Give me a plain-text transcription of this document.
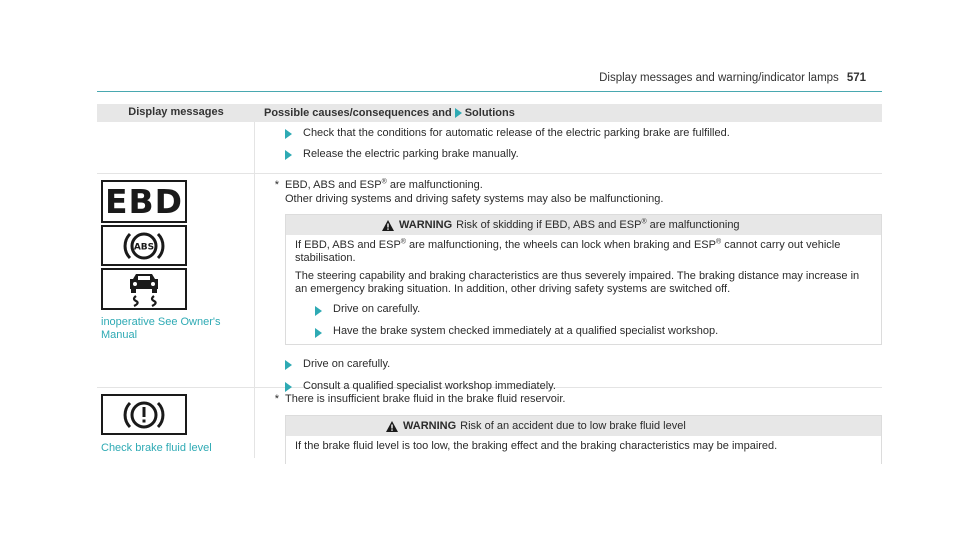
Display messages and warning/indicator lamps 571
Display messages	Possible causes/consequences and Solutions
Check that the conditions for automatic release of the electric parking brake are fulfilled.
Release the electric parking brake manually.
EBD
ABS
inoperative See Owner's Manual
* EBD, ABS and ESP® are malfunctioning.
Other driving systems and driving safety systems may also be malfunctioning.
WARNING Risk of skidding if EBD, ABS and ESP® are malfunctioning

If EBD, ABS and ESP® are malfunctioning, the wheels can lock when braking and ESP® cannot carry out vehicle stabilisation.

The steering capability and braking characteristics are thus severely impaired. The braking distance may increase in an emergency braking situation. In addition, other driving safety systems are switched off.

Drive on carefully.
Have the brake system checked immediately at a qualified specialist workshop.
Drive on carefully.
Consult a qualified specialist workshop immediately.
Check brake fluid level
* There is insufficient brake fluid in the brake fluid reservoir.
WARNING Risk of an accident due to low brake fluid level

If the brake fluid level is too low, the braking effect and the braking characteristics may be impaired.
